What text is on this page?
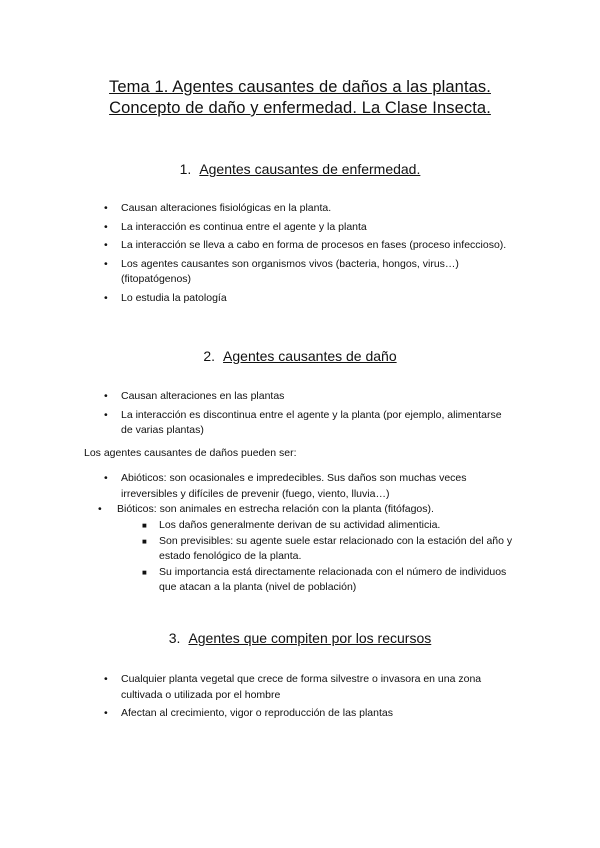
Tema 1. Agentes causantes de daños a las plantas.
Concepto de daño y enfermedad. La Clase Insecta.
1. Agentes causantes de enfermedad.
• Causan alteraciones fisiológicas en la planta.
• La interacción es continua entre el agente y la planta
• La interacción se lleva a cabo en forma de procesos en fases (proceso infeccioso).
• Los agentes causantes son organismos vivos (bacteria, hongos, virus…) (fitopatógenos)
• Lo estudia la patología
2. Agentes causantes de daño
• Causan alteraciones en las plantas
• La interacción es discontinua entre el agente y la planta (por ejemplo, alimentarse de varias plantas)
Los agentes causantes de daños pueden ser:
• Abióticos: son ocasionales e impredecibles. Sus daños son muchas veces irreversibles y difíciles de prevenir (fuego, viento, lluvia…)
• Bióticos: son animales en estrecha relación con la planta (fitófagos).
■ Los daños generalmente derivan de su actividad alimenticia.
■ Son previsibles: su agente suele estar relacionado con la estación del año y estado fenológico de la planta.
■ Su importancia está directamente relacionada con el número de individuos que atacan a la planta (nivel de población)
3. Agentes que compiten por los recursos
• Cualquier planta vegetal que crece de forma silvestre o invasora en una zona cultivada o utilizada por el hombre
• Afectan al crecimiento, vigor o reproducción de las plantas
